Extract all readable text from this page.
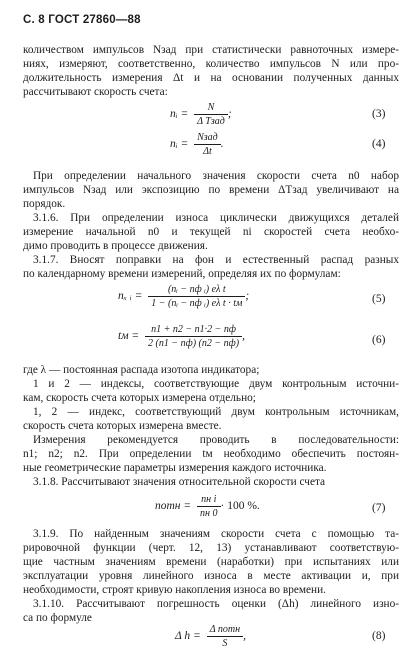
С. 8 ГОСТ 27860—88
количеством импульсов Nзад при статистически равноточных измере-
ниях, измеряют, соответственно, количество импульсов N или про-
должительность измерения Δt и на основании полученных данных
рассчитывают скорость счета:
nᵢ = $\frac{N}{\text{Δ Tзад}}$ ;	(3)
nᵢ = $\frac{\text{Nзад}}{\Delta t}$ .	(4)
При определении начального значения скорости счета n0 набор
импульсов Nзад или экспозицию по времени ΔTзад увеличивают на
порядок.
3.1.6. При определении износа циклически движущихся деталей
измерение начальной n0 и текущей ni скоростей счета необхо-
димо проводить в процессе движения.
3.1.7. Вносят поправки на фон и естественный распад разных
по календарному времени измерений, определяя их по формулам:
nₓ ᵢ = $\frac{\text{(nᵢ − nф ᵢ) eλ t}}{\text{1 − (nᵢ − nф ᵢ) eλ t · tм}}$ ;	(5)
tм = $\frac{n1 + n2 - n1\cdot 2 - nф}{2 (n1 - nф) (n2 - nф)}$ ,	(6)
где λ — постоянная распада изотопа индикатора;
1 и 2 — индексы, соответствующие двум контрольным источни-
кам, скорость счета которых измерена отдельно;
1, 2 — индекс, соответствующий двум контрольным источникам,
скорость счета которых измерена вместе.
Измерения рекомендуется проводить в последовательности:
n1; n2; n2. При определении tм необходимо обеспечить постоян-
ные геометрические параметры измерения каждого источника.
3.1.8. Рассчитывают значения относительной скорости счета
nотн = $\frac{\text{nн i}}{nн 0} \cdot 100$ %.	(7)
3.1.9. По найденным значениям скорости счета с помощью та-
рировочной функции (черт. 12, 13) устанавливают соответствую-
щие частным значениям времени (наработки) при испытаниях или
эксплуатации уровня линейного износа в месте активации и, при
необходимости, строят кривую накопления износа во времени.
3.1.10. Рассчитывают погрешность оценки (Δh) линейного изно-
са по формуле
Δ $h = \frac{\text{Δ nотн}}{S}$ ,	(8)
